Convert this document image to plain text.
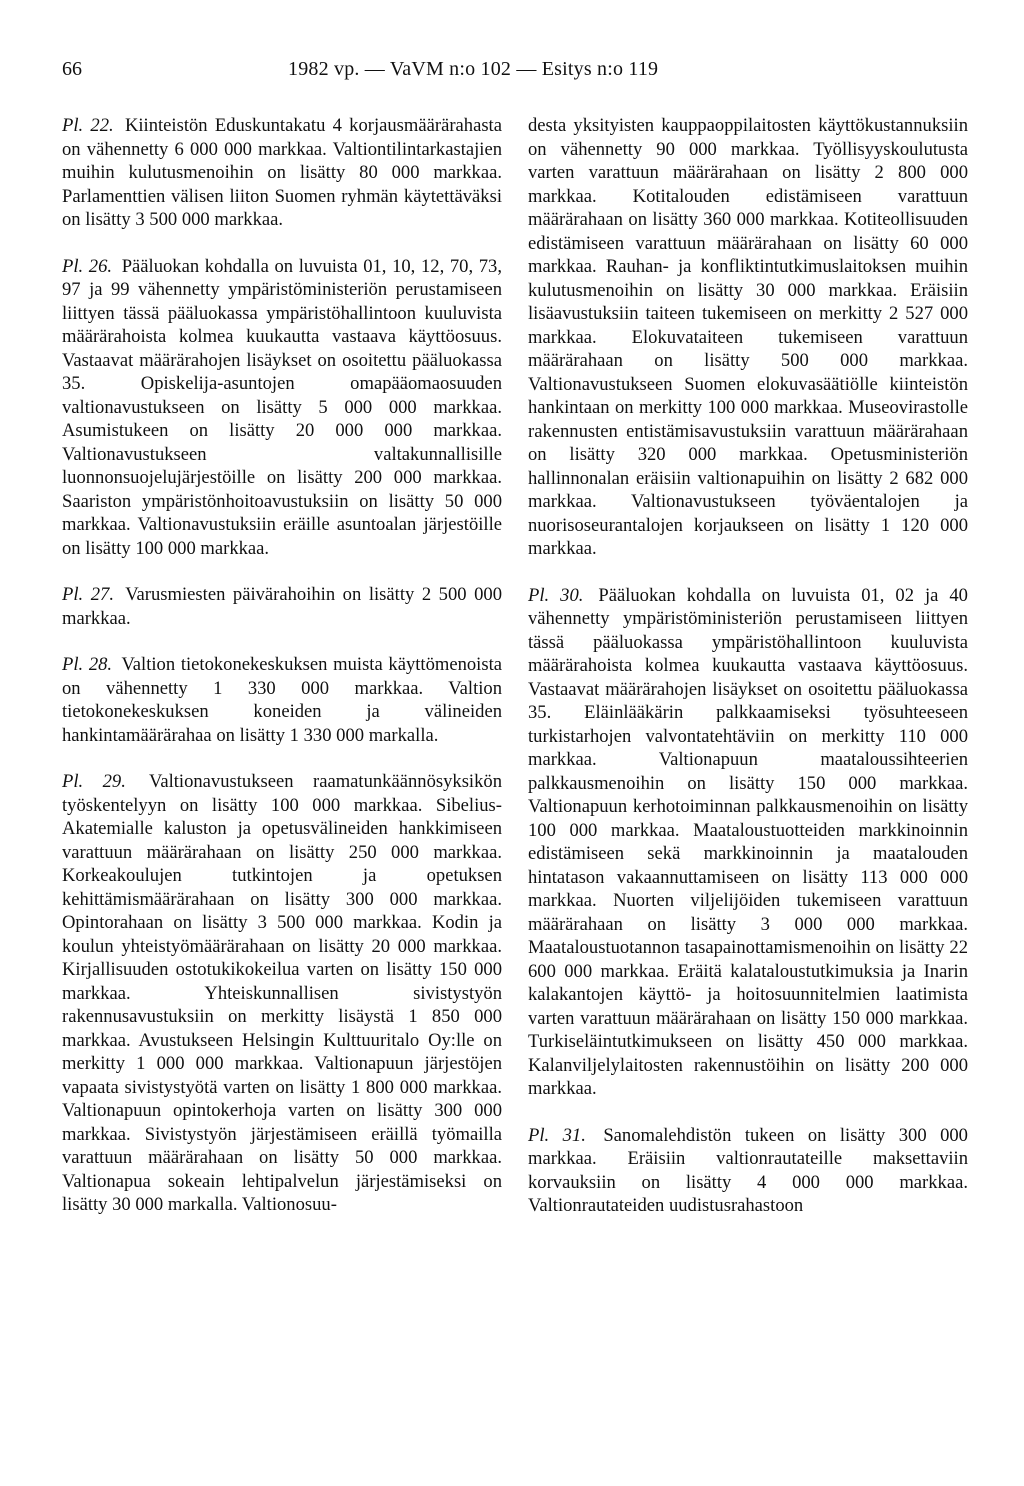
66	1982 vp. — VaVM n:o 102 — Esitys n:o 119

Pl. 22. Kiinteistön Eduskuntakatu 4 korjausmäärärahasta on vähennetty 6 000 000 markkaa. Valtiontilintarkastajien muihin kulutusmenoihin on lisätty 80 000 markkaa. Parlamenttien välisen liiton Suomen ryhmän käytettäväksi on lisätty 3 500 000 markkaa.

Pl. 26. Pääluokan kohdalla on luvuista 01, 10, 12, 70, 73, 97 ja 99 vähennetty ympäristöministeriön perustamiseen liittyen tässä pääluokassa ympäristöhallintoon kuuluvista määrärahoista kolmea kuukautta vastaava käyttöosuus. Vastaavat määrärahojen lisäykset on osoitettu pääluokassa 35. Opiskelija-asuntojen omapääomaosuuden valtionavustukseen on lisätty 5 000 000 markkaa. Asumistukeen on lisätty 20 000 000 markkaa. Valtionavustukseen valtakunnallisille luonnonsuojelujärjestöille on lisätty 200 000 markkaa. Saariston ympäristönhoitoavustuksiin on lisätty 50 000 markkaa. Valtionavustuksiin eräille asuntoalan järjestöille on lisätty 100 000 markkaa.

Pl. 27. Varusmiesten päivärahoihin on lisätty 2 500 000 markkaa.

Pl. 28. Valtion tietokonekeskuksen muista käyttömenoista on vähennetty 1 330 000 markkaa. Valtion tietokonekeskuksen koneiden ja välineiden hankintamäärärahaa on lisätty 1 330 000 markalla.

Pl. 29. Valtionavustukseen raamatunkäännösyksikön työskentelyyn on lisätty 100 000 markkaa. Sibelius-Akatemialle kaluston ja opetusvälineiden hankkimiseen varattuun määrärahaan on lisätty 250 000 markkaa. Korkeakoulujen tutkintojen ja opetuksen kehittämismäärärahaan on lisätty 300 000 markkaa. Opintorahaan on lisätty 3 500 000 markkaa. Kodin ja koulun yhteistyömäärärahaan on lisätty 20 000 markkaa. Kirjallisuuden ostotukikokeilua varten on lisätty 150 000 markkaa. Yhteiskunnallisen sivistystyön rakennusavustuksiin on merkitty lisäystä 1 850 000 markkaa. Avustukseen Helsingin Kulttuuritalo Oy:lle on merkitty 1 000 000 markkaa. Valtionapuun järjestöjen vapaata sivistystyötä varten on lisätty 1 800 000 markkaa. Valtionapuun opintokerhoja varten on lisätty 300 000 markkaa. Sivistystyön järjestämiseen eräillä työmailla varattuun määrärahaan on lisätty 50 000 markkaa. Valtionapua sokeain lehtipalvelun järjestämiseksi on lisätty 30 000 markalla. Valtionosuu-

desta yksityisten kauppaoppilaitosten käyttökustannuksiin on vähennetty 90 000 markkaa. Työllisyyskoulutusta varten varattuun määrärahaan on lisätty 2 800 000 markkaa. Kotitalouden edistämiseen varattuun määrärahaan on lisätty 360 000 markkaa. Kotiteollisuuden edistämiseen varattuun määrärahaan on lisätty 60 000 markkaa. Rauhan- ja konfliktintutkimuslaitoksen muihin kulutusmenoihin on lisätty 30 000 markkaa. Eräisiin lisäavustuksiin taiteen tukemiseen on merkitty 2 527 000 markkaa. Elokuvataiteen tukemiseen varattuun määrärahaan on lisätty 500 000 markkaa. Valtionavustukseen Suomen elokuvasäätiölle kiinteistön hankintaan on merkitty 100 000 markkaa. Museovirastolle rakennusten entistämisavustuksiin varattuun määrärahaan on lisätty 320 000 markkaa. Opetusministeriön hallinnonalan eräisiin valtionapuihin on lisätty 2 682 000 markkaa. Valtionavustukseen työväentalojen ja nuorisoseurantalojen korjaukseen on lisätty 1 120 000 markkaa.

Pl. 30. Pääluokan kohdalla on luvuista 01, 02 ja 40 vähennetty ympäristöministeriön perustamiseen liittyen tässä pääluokassa ympäristöhallintoon kuuluvista määrärahoista kolmea kuukautta vastaava käyttöosuus. Vastaavat määrärahojen lisäykset on osoitettu pääluokassa 35. Eläinlääkärin palkkaamiseksi työsuhteeseen turkistarhojen valvontatehtäviin on merkitty 110 000 markkaa. Valtionapuun maataloussihteerien palkkausmenoihin on lisätty 150 000 markkaa. Valtionapuun kerhotoiminnan palkkausmenoihin on lisätty 100 000 markkaa. Maataloustuotteiden markkinoinnin edistämiseen sekä markkinoinnin ja maatalouden hintatason vakaannuttamiseen on lisätty 113 000 000 markkaa. Nuorten viljelijöiden tukemiseen varattuun määrärahaan on lisätty 3 000 000 markkaa. Maataloustuotannon tasapainottamismenoihin on lisätty 22 600 000 markkaa. Eräitä kalataloustutkimuksia ja Inarin kalakantojen käyttö- ja hoitosuunnitelmien laatimista varten varattuun määrärahaan on lisätty 150 000 markkaa. Turkiseläintutkimukseen on lisätty 450 000 markkaa. Kalanviljelylaitosten rakennustöihin on lisätty 200 000 markkaa.

Pl. 31. Sanomalehdistön tukeen on lisätty 300 000 markkaa. Eräisiin valtionrautateille maksettaviin korvauksiin on lisätty 4 000 000 markkaa. Valtionrautateiden uudistusrahastoon
